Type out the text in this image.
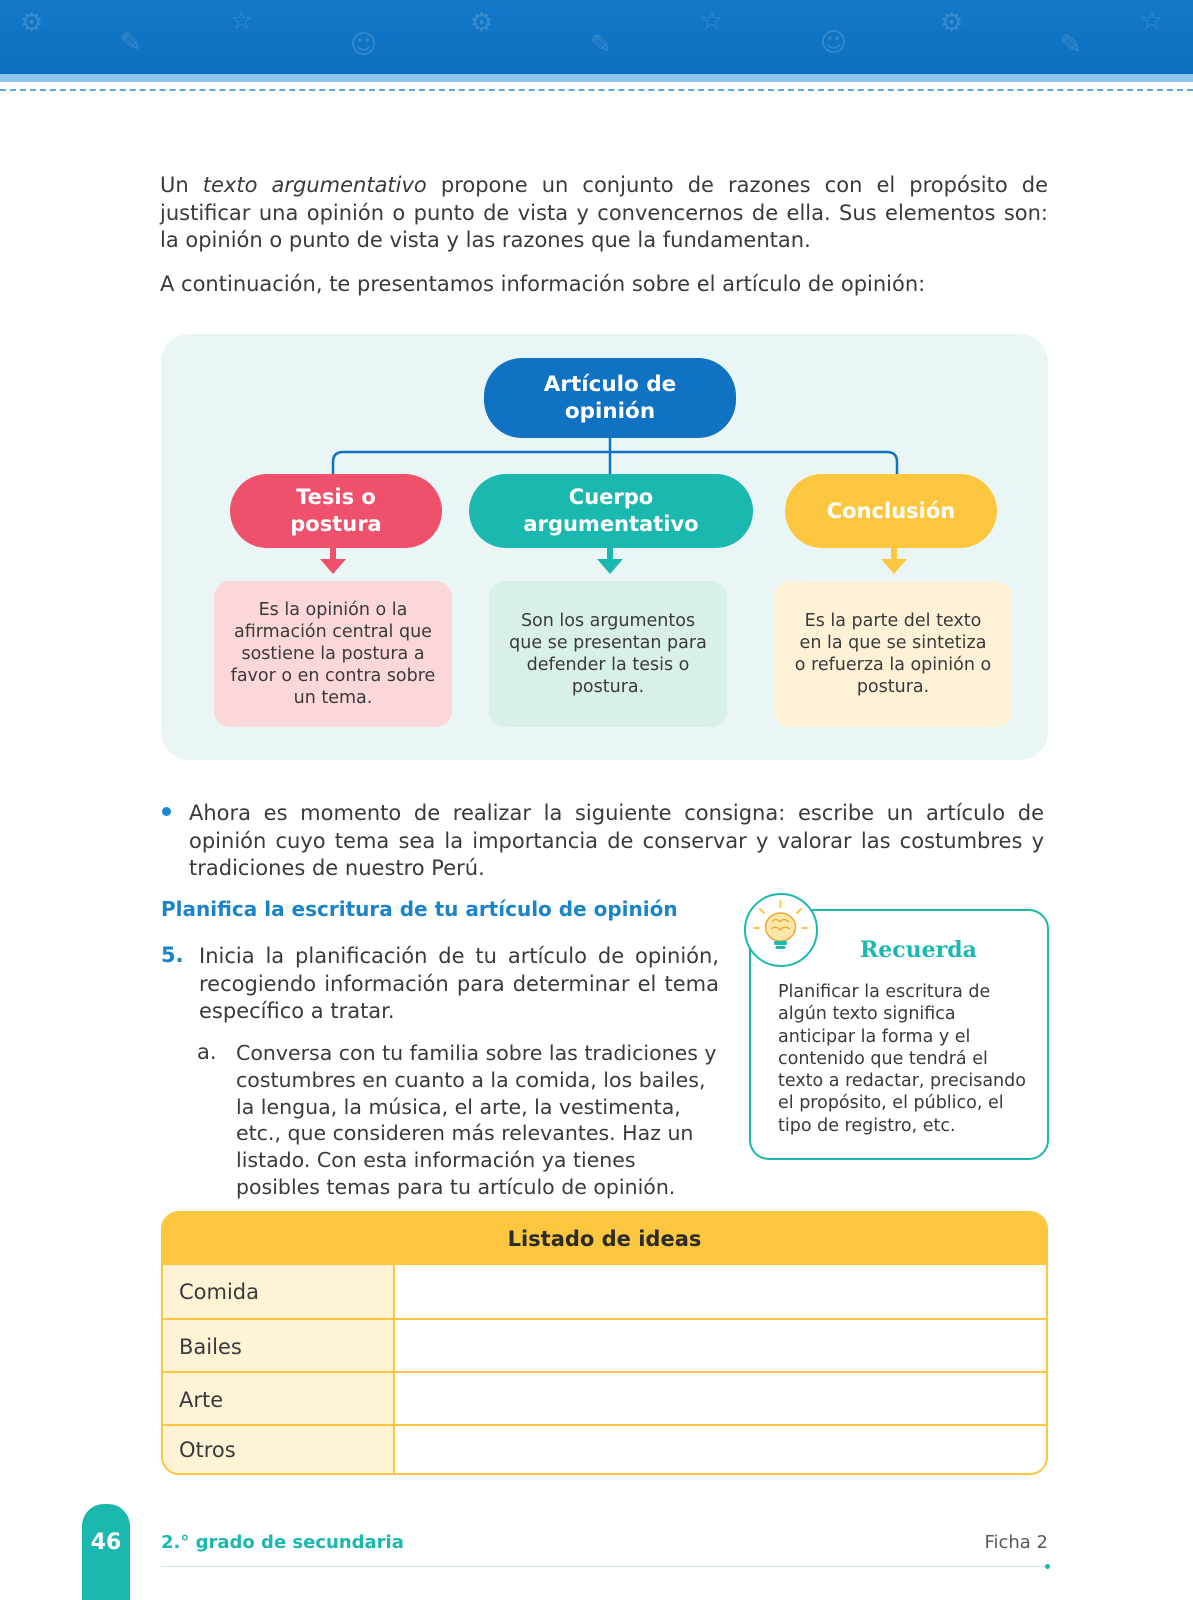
⚙
✎
☆
☺
⚙
✎
☆
☺
⚙
✎
☆

Un texto argumentativo propone un conjunto de razones con el propósito de justificar una opinión o punto de vista y convencernos de ella. Sus elementos son: la opinión o punto de vista y las razones que la fundamentan.

A continuación, te presentamos información sobre el artículo de opinión:

Artículo de opinión
Tesis o postura
Cuerpo argumentativo
Conclusión
Es la opinión o la afirmación central que sostiene la postura a favor o en contra sobre un tema.
Son los argumentos que se presentan para defender la tesis o postura.
Es la parte del texto en la que se sintetiza o refuerza la opinión o postura.

Ahora es momento de realizar la siguiente consigna: escribe un artículo de opinión cuyo tema sea la importancia de conservar y valorar las costumbres y tradiciones de nuestro Perú.

Planifica la escritura de tu artículo de opinión

5. Inicia la planificación de tu artículo de opinión, recogiendo información para determinar el tema específico a tratar.

a. Conversa con tu familia sobre las tradiciones y costumbres en cuanto a la comida, los bailes, la lengua, la música, el arte, la vestimenta, etc., que consideren más relevantes. Haz un listado. Con esta información ya tienes posibles temas para tu artículo de opinión.

Recuerda
Planificar la escritura de algún texto significa anticipar la forma y el contenido que tendrá el texto a redactar, precisando el propósito, el público, el tipo de registro, etc.
Listado de ideas
Comida
Bailes
Arte
Otros
46	2.° grado de secundaria	Ficha 2
